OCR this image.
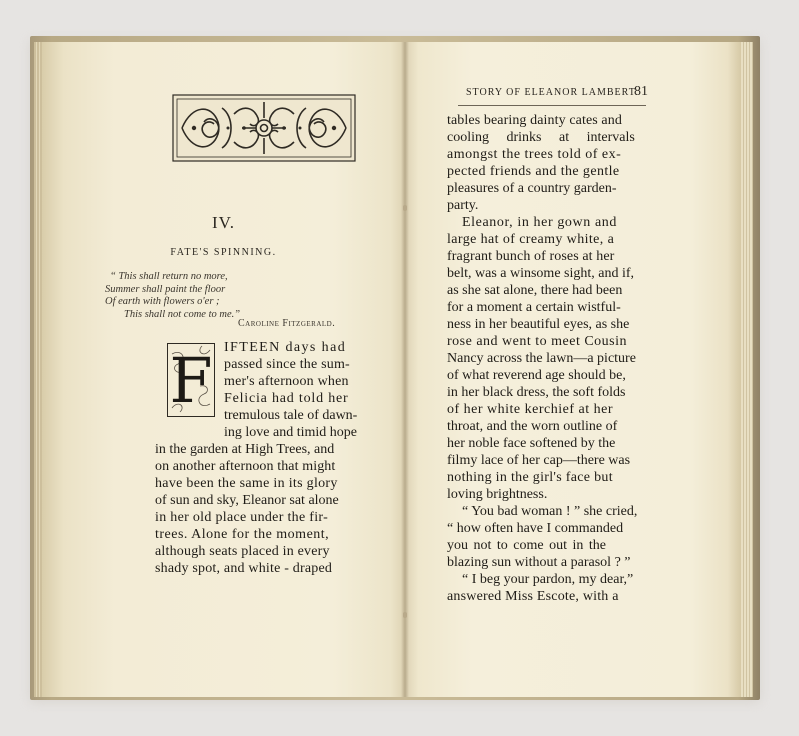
IV.
FATE'S SPINNING.
“ This shall return no more,
Summer shall paint the floor
Of earth with flowers o'er ;
This shall not come to me.”
Caroline Fitzgerald.
F IFTEEN days had
passed since the sum-
mer's afternoon when
Felicia had told her
tremulous tale of dawn-
ing love and timid hope
in the garden at High Trees, and
on another afternoon that might
have been the same in its glory
of sun and sky, Eleanor sat alone
in her old place under the fir-
trees. Alone for the moment,
although seats placed in every
shady spot, and white - draped
STORY OF ELEANOR LAMBERT.
81
tables bearing dainty cates and
cooling drinks at intervals
amongst the trees told of ex-
pected friends and the gentle
pleasures of a country garden-
party.
Eleanor, in her gown and
large hat of creamy white, a
fragrant bunch of roses at her
belt, was a winsome sight, and if,
as she sat alone, there had been
for a moment a certain wistful-
ness in her beautiful eyes, as she
rose and went to meet Cousin
Nancy across the lawn—a picture
of what reverend age should be,
in her black dress, the soft folds
of her white kerchief at her
throat, and the worn outline of
her noble face softened by the
filmy lace of her cap—there was
nothing in the girl's face but
loving brightness.
“ You bad woman ! ” she cried,
“ how often have I commanded
you not to come out in the
blazing sun without a parasol ? ”
“ I beg your pardon, my dear,”
answered Miss Escote, with a
